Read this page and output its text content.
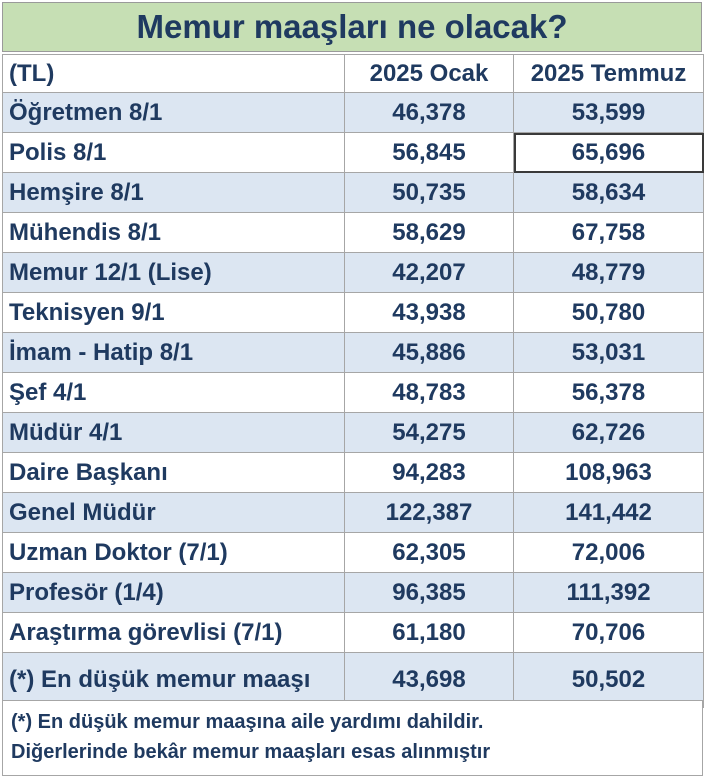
Memur maaşları ne olacak?
(TL)	2025 Ocak	2025 Temmuz
Öğretmen 8/1	46,378	53,599
Polis 8/1	56,845	65,696
Hemşire 8/1	50,735	58,634
Mühendis 8/1	58,629	67,758
Memur 12/1 (Lise)	42,207	48,779
Teknisyen 9/1	43,938	50,780
İmam - Hatip 8/1	45,886	53,031
Şef 4/1	48,783	56,378
Müdür 4/1	54,275	62,726
Daire Başkanı	94,283	108,963
Genel Müdür	122,387	141,442
Uzman Doktor (7/1)	62,305	72,006
Profesör (1/4)	96,385	111,392
Araştırma görevlisi (7/1)	61,180	70,706
(*) En düşük memur maaşı	43,698	50,502
(*) En düşük memur maaşına aile yardımı dahildir.
Diğerlerinde bekâr memur maaşları esas alınmıştır
